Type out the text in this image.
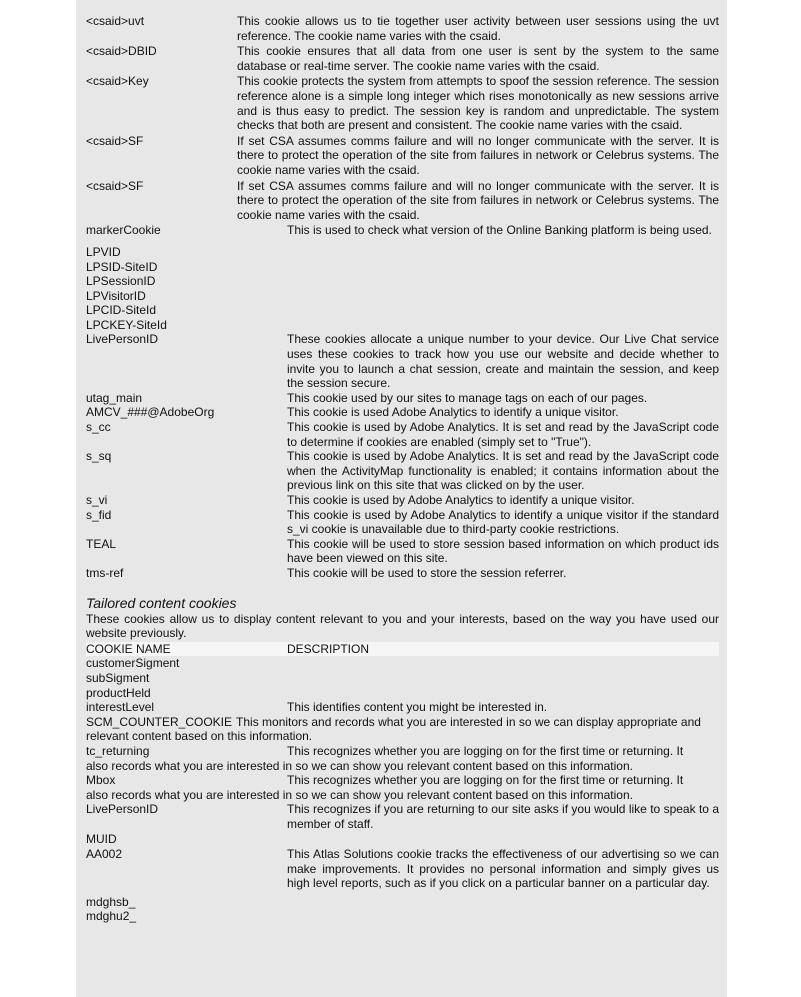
<csaid>uvt	This cookie allows us to tie together user activity between user sessions using the uvt reference. The cookie name varies with the csaid.
<csaid>DBID	This cookie ensures that all data from one user is sent by the system to the same database or real-time server. The cookie name varies with the csaid.
<csaid>Key	This cookie protects the system from attempts to spoof the session reference. The session reference alone is a simple long integer which rises monotonically as new sessions arrive and is thus easy to predict. The session key is random and unpredictable. The system checks that both are present and consistent. The cookie name varies with the csaid.
<csaid>SF	If set CSA assumes comms failure and will no longer communicate with the server. It is there to protect the operation of the site from failures in network or Celebrus systems. The cookie name varies with the csaid.
<csaid>SF	If set CSA assumes comms failure and will no longer communicate with the server. It is there to protect the operation of the site from failures in network or Celebrus systems. The cookie name varies with the csaid.
markerCookie	This is used to check what version of the Online Banking platform is being used.
LPVID
LPSID-SiteID
LPSessionID
LPVisitorID
LPCID-SiteId
LPCKEY-SiteId
LivePersonID	These cookies allocate a unique number to your device. Our Live Chat service uses these cookies to track how you use our website and decide whether to invite you to launch a chat session, create and maintain the session, and keep the session secure.
utag_main	This cookie used by our sites to manage tags on each of our pages.
AMCV_###@AdobeOrg	This cookie is used Adobe Analytics to identify a unique visitor.
s_cc	This cookie is used by Adobe Analytics. It is set and read by the JavaScript code to determine if cookies are enabled (simply set to "True").
s_sq	This cookie is used by Adobe Analytics. It is set and read by the JavaScript code when the ActivityMap functionality is enabled; it contains information about the previous link on this site that was clicked on by the user.
s_vi	This cookie is used by Adobe Analytics to identify a unique visitor.
s_fid	This cookie is used by Adobe Analytics to identify a unique visitor if the standard s_vi cookie is unavailable due to third-party cookie restrictions.
TEAL	This cookie will be used to store session based information on which product ids have been viewed on this site.
tms-ref	This cookie will be used to store the session referrer.
Tailored content cookies
These cookies allow us to display content relevant to you and your interests, based on the way you have used our website previously.
COOKIE NAME	DESCRIPTION
customerSigment
subSigment
productHeld
interestLevel	This identifies content you might be interested in.
SCM_COUNTER_COOKIE This monitors and records what you are interested in so we can display appropriate and
relevant content based on this information.
tc_returning	This recognizes whether you are logging on for the first time or returning. It
also records what you are interested in so we can show you relevant content based on this information.
Mbox	This recognizes whether you are logging on for the first time or returning. It
also records what you are interested in so we can show you relevant content based on this information.
LivePersonID	This recognizes if you are returning to our site asks if you would like to speak to a member of staff.
MUID
AA002	This Atlas Solutions cookie tracks the effectiveness of our advertising so we can make improvements. It provides no personal information and simply gives us high level reports, such as if you click on a particular banner on a particular day.
mdghsb_
mdghu2_
